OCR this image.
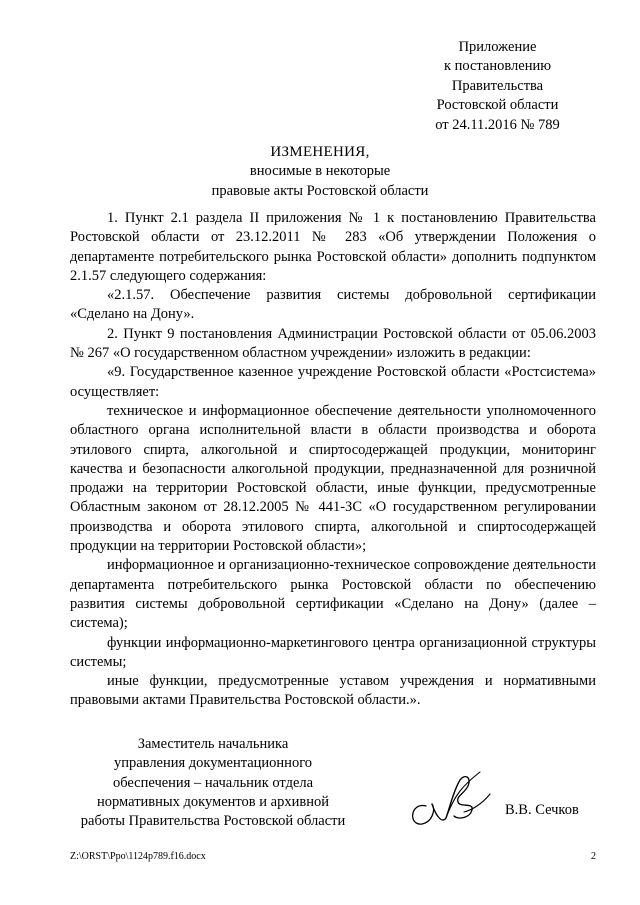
Приложение
к постановлению
Правительства
Ростовской области
от 24.11.2016 № 789
ИЗМЕНЕНИЯ,
вносимые в некоторые
правовые акты Ростовской области

1. Пункт 2.1 раздела II приложения № 1 к постановлению Правительства Ростовской области от 23.12.2011 № 283 «Об утверждении Положения о департаменте потребительского рынка Ростовской области» дополнить подпунктом 2.1.57 следующего содержания:

«2.1.57. Обеспечение развития системы добровольной сертификации «Сделано на Дону».

2. Пункт 9 постановления Администрации Ростовской области от 05.06.2003 № 267 «О государственном областном учреждении» изложить в редакции:

«9. Государственное казенное учреждение Ростовской области «Ростсистема» осуществляет:

техническое и информационное обеспечение деятельности уполномоченного областного органа исполнительной власти в области производства и оборота этилового спирта, алкогольной и спиртосодержащей продукции, мониторинг качества и безопасности алкогольной продукции, предназначенной для розничной продажи на территории Ростовской области, иные функции, предусмотренные Областным законом от 28.12.2005 № 441-ЗС «О государственном регулировании производства и оборота этилового спирта, алкогольной и спиртосодержащей продукции на территории Ростовской области»;

информационное и организационно-техническое сопровождение деятельности департамента потребительского рынка Ростовской области по обеспечению развития системы добровольной сертификации «Сделано на Дону» (далее – система);

функции информационно-маркетингового центра организационной структуры системы;

иные функции, предусмотренные уставом учреждения и нормативными правовыми актами Правительства Ростовской области.».

Заместитель начальника
управления документационного
обеспечения – начальник отдела
нормативных документов и архивной
работы Правительства Ростовской области
В.В. Сечков
Z:\ORST\Ppo\1124p789.f16.docx	2
